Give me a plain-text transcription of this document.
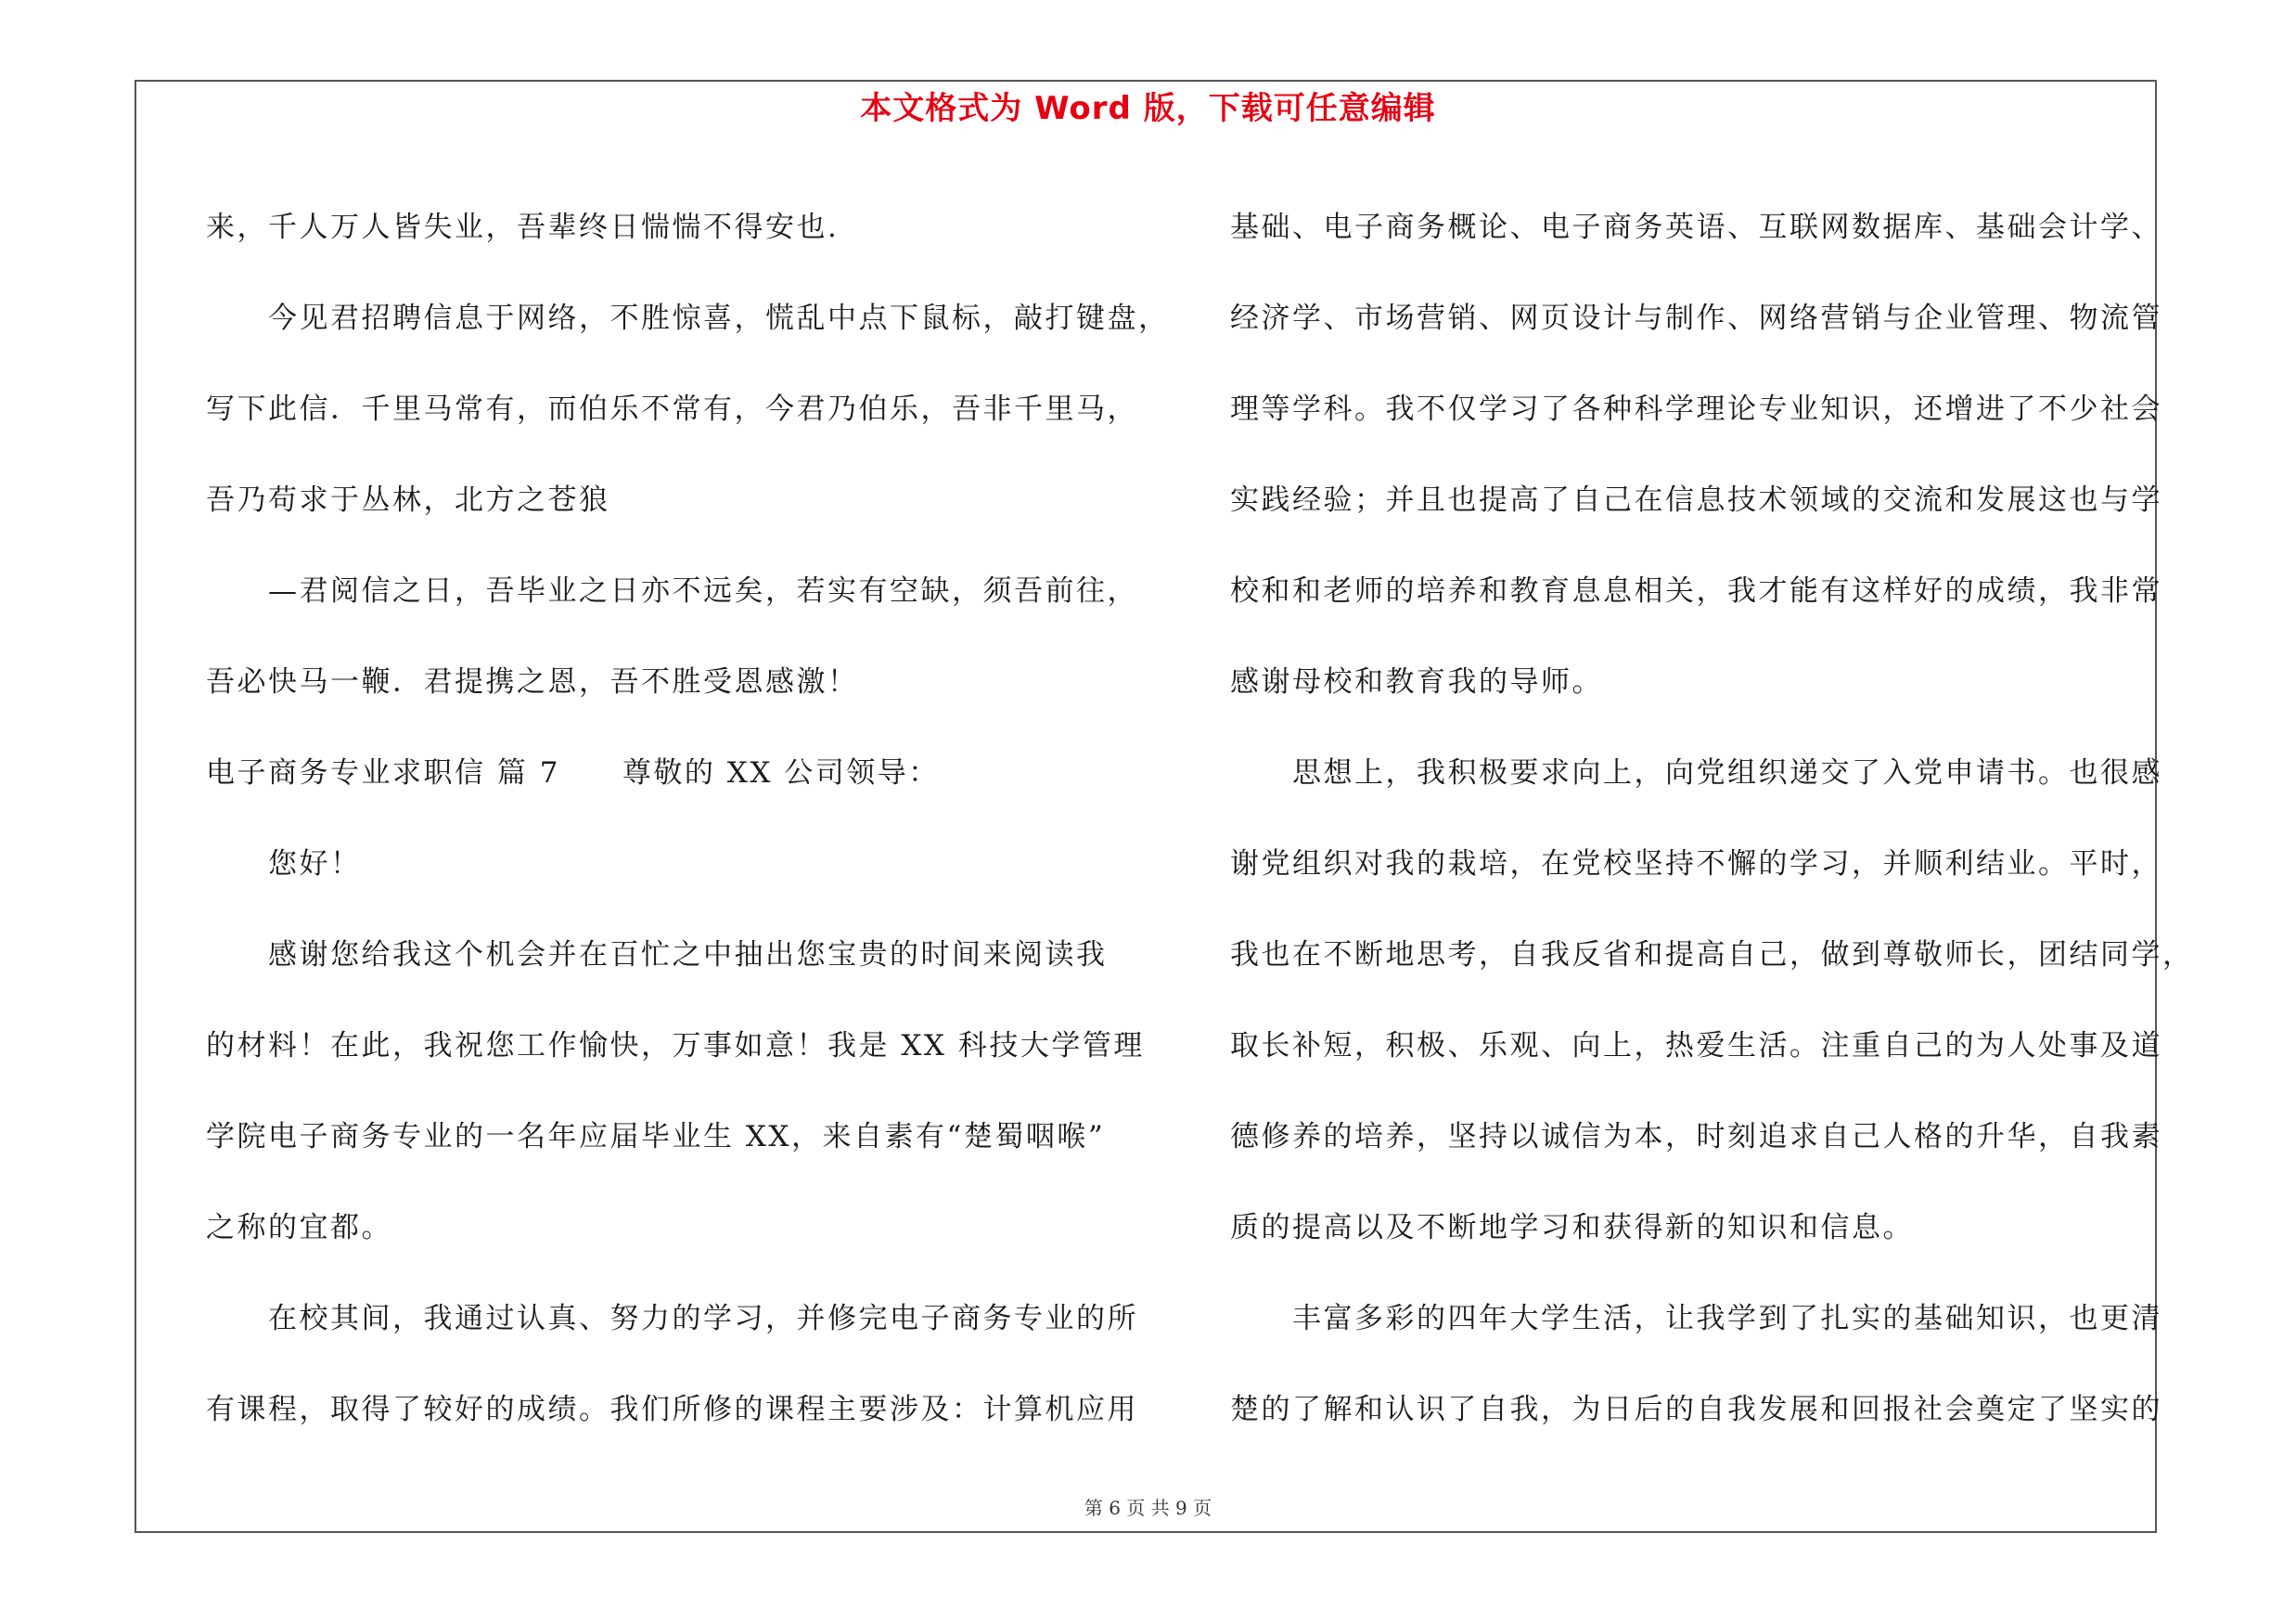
本文格式为 Word 版，下载可任意编辑
来，千人万人皆失业，吾辈终日惴惴不得安也.
　　今见君招聘信息于网络，不胜惊喜，慌乱中点下鼠标，敲打键盘，
写下此信．千里马常有，而伯乐不常有，今君乃伯乐，吾非千里马，
吾乃苟求于丛林，北方之苍狼
　　—君阅信之日，吾毕业之日亦不远矣，若实有空缺，须吾前往，
吾必快马一鞭．君提携之恩，吾不胜受恩感激！
电子商务专业求职信 篇 7　　尊敬的 XX 公司领导：
　　您好！
　　感谢您给我这个机会并在百忙之中抽出您宝贵的时间来阅读我
的材料！在此，我祝您工作愉快，万事如意！我是 XX 科技大学管理
学院电子商务专业的一名年应届毕业生 XX，来自素有“楚蜀咽喉”
之称的宜都。
　　在校其间，我通过认真、努力的学习，并修完电子商务专业的所
有课程，取得了较好的成绩。我们所修的课程主要涉及：计算机应用
基础、电子商务概论、电子商务英语、互联网数据库、基础会计学、
经济学、市场营销、网页设计与制作、网络营销与企业管理、物流管
理等学科。我不仅学习了各种科学理论专业知识，还增进了不少社会
实践经验；并且也提高了自己在信息技术领域的交流和发展这也与学
校和和老师的培养和教育息息相关，我才能有这样好的成绩，我非常
感谢母校和教育我的导师。
　　思想上，我积极要求向上，向党组织递交了入党申请书。也很感
谢党组织对我的栽培，在党校坚持不懈的学习，并顺利结业。平时，
我也在不断地思考，自我反省和提高自己，做到尊敬师长，团结同学，
取长补短，积极、乐观、向上，热爱生活。注重自己的为人处事及道
德修养的培养，坚持以诚信为本，时刻追求自己人格的升华，自我素
质的提高以及不断地学习和获得新的知识和信息。
　　丰富多彩的四年大学生活，让我学到了扎实的基础知识，也更清
楚的了解和认识了自我，为日后的自我发展和回报社会奠定了坚实的
第 6 页 共 9 页
